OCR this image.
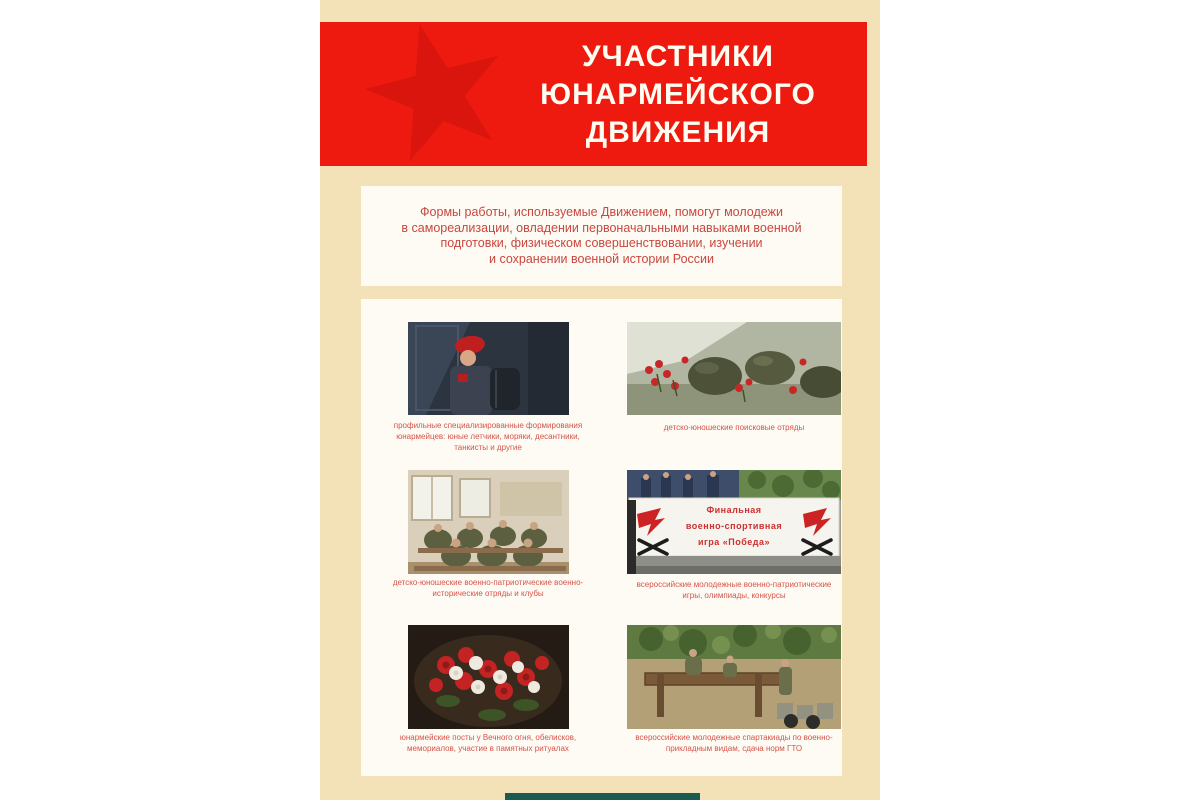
УЧАСТНИКИ
ЮНАРМЕЙСКОГО
ДВИЖЕНИЯ
Формы работы, используемые Движением, помогут молодежи
в самореализации, овладении первоначальными навыками военной
подготовки, физическом совершенствовании, изучении
и сохранении военной истории России
Финальная
военно-спортивная
игра «Победа»
профильные специализированные формирования юнармейцев: юные летчики, моряки, десантники, танкисты и другие
детско-юношеские поисковые отряды
детско-юношеские военно-патриотические военно-исторические отряды и клубы
всероссийские молодежные военно-патриотические игры, олимпиады, конкурсы
юнармейские посты у Вечного огня, обелисков, мемориалов, участие в памятных ритуалах
всероссийские молодежные спартакиады по военно-прикладным видам, сдача норм ГТО
